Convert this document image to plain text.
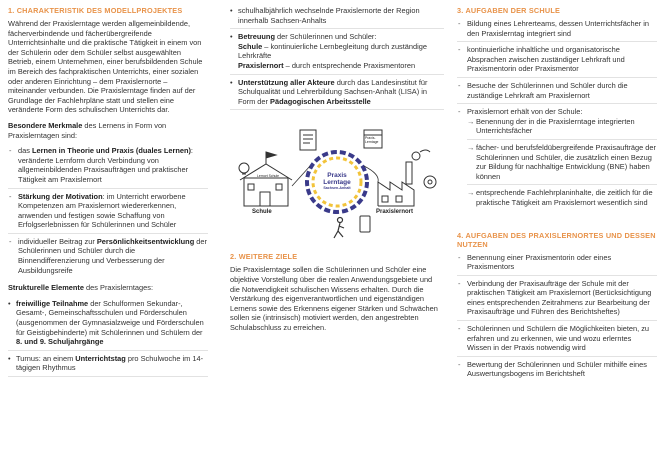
1. CHARAKTERISTIK DES MODELLPROJEKTES

Während der Praxislerntage werden allgemeinbildende, fächerverbindende und fächerübergreifende Unterrichtsinhalte und die praktische Tätigkeit in einem von der Schülerin oder dem Schüler selbst ausgewählten Betrieb, einem Unternehmen, einer berufsbildenden Schule im Bereich des fachpraktischen Unterrichts, einer sozialen oder anderen Einrichtung – dem Praxislernorte – miteinander verbunden. Die Praxislerntage finden auf der Grundlage der Fachlehrpläne statt und stellen eine veränderte Form des schulischen Unterrichts dar.

Besondere Merkmale des Lernens in Form von Praxislerntagen sind:

- das Lernen in Theorie und Praxis (duales Lernen): veränderte Lernform durch Verbindung von allgemeinbildenden Praxisaufträgen und praktischer Tätigkeit am Praxislernort
- Stärkung der Motivation: im Unterricht erworbene Kompetenzen am Praxislernort wiedererkennen, anwenden und festigen sowie Schaffung von Erfolgserlebnissen für Schülerinnen und Schüler
- individueller Beitrag zur Persönlichkeitsentwicklung der Schülerinnen und Schüler durch die Binnendifferenzierung und Verbesserung der Ausbildungsreife

Strukturelle Elemente des Praxislerntages:

• freiwillige Teilnahme der Schulformen Sekundar-, Gesamt-, Gemeinschaftsschulen und Förderschulen (ausgenommen der Gymnasialzweige und Förderschulen für Geistigbehinderte) mit Schülerinnen und Schülern der 8. und 9. Schuljahrgänge
• Turnus: an einem Unterrichtstag pro Schulwoche im 14-tägigen Rhythmus
• schulhalbjährlich wechselnde Praxislernorte der Region innerhalb Sachsen-Anhalts
• Betreuung der Schülerinnen und Schüler:
Schule – kontinuierliche Lernbegleitung durch zuständige Lehrkräfte
Praxislernort – durch entsprechende Praxismentoren
• Unterstützung aller Akteure durch das Landesinstitut für Schulqualität und Lehrerbildung Sachsen-Anhalt (LISA) in Form der Pädagogischen Arbeitsstelle
Praxis
Lerntage
Sachsen-Anhalt
Schule	Praxislernort
Praxis-Lerntage
Lernort Schule
2. WEITERE ZIELE

Die Praxislerntage sollen die Schülerinnen und Schüler eine objektive Vorstellung über die realen Anwendungsgebiete und die Notwendigkeit schulischen Wissens erhalten. Durch die Verstärkung des eigenverantwortlichen und eigenständigen Lernens sowie des Erkennens eigener Stärken und Schwächen sollen sie (intrinsisch) motiviert werden, den angestrebten Schulabschluss zu erreichen.

3. AUFGABEN DER SCHULE
- Bildung eines Lehrerteams, dessen Unterrichtsfächer in den Praxislerntag integriert sind
- kontinuierliche inhaltliche und organisatorische Absprachen zwischen zuständiger Lehrkraft und Praxismentorin oder Praxismentor
- Besuche der Schülerinnen und Schüler durch die zuständige Lehrkraft am Praxislernort
- Praxislernort erhält von der Schule:
→ Benennung der in die Praxislerntage integrierten Unterrichtsfächer
→ fächer- und berufsfeldübergreifende Praxisaufträge der Schülerinnen und Schüler, die zusätzlich einen Bezug zur Bildung für nachhaltige Entwicklung (BNE) haben können
→ entsprechende Fachlehrplaninhalte, die zeitlich für die praktische Tätigkeit am Praxislernort wesentlich sind
4. AUFGABEN DES PRAXISLERNORTES UND DESSEN NUTZEN
- Benennung einer Praxismentorin oder eines Praxismentors
- Verbindung der Praxisaufträge der Schule mit der praktischen Tätigkeit am Praxislernort (Berücksichtigung eines entsprechenden Zeitrahmens zur Bearbeitung der Praxisaufträge und Führen des Berichtsheftes)
- Schülerinnen und Schülern die Möglichkeiten bieten, zu erfahren und zu erkennen, wie und wozu erlerntes Wissen in der Praxis notwendig wird
- Bewertung der Schülerinnen und Schüler mithilfe eines Auswertungsbogens im Berichtsheft
